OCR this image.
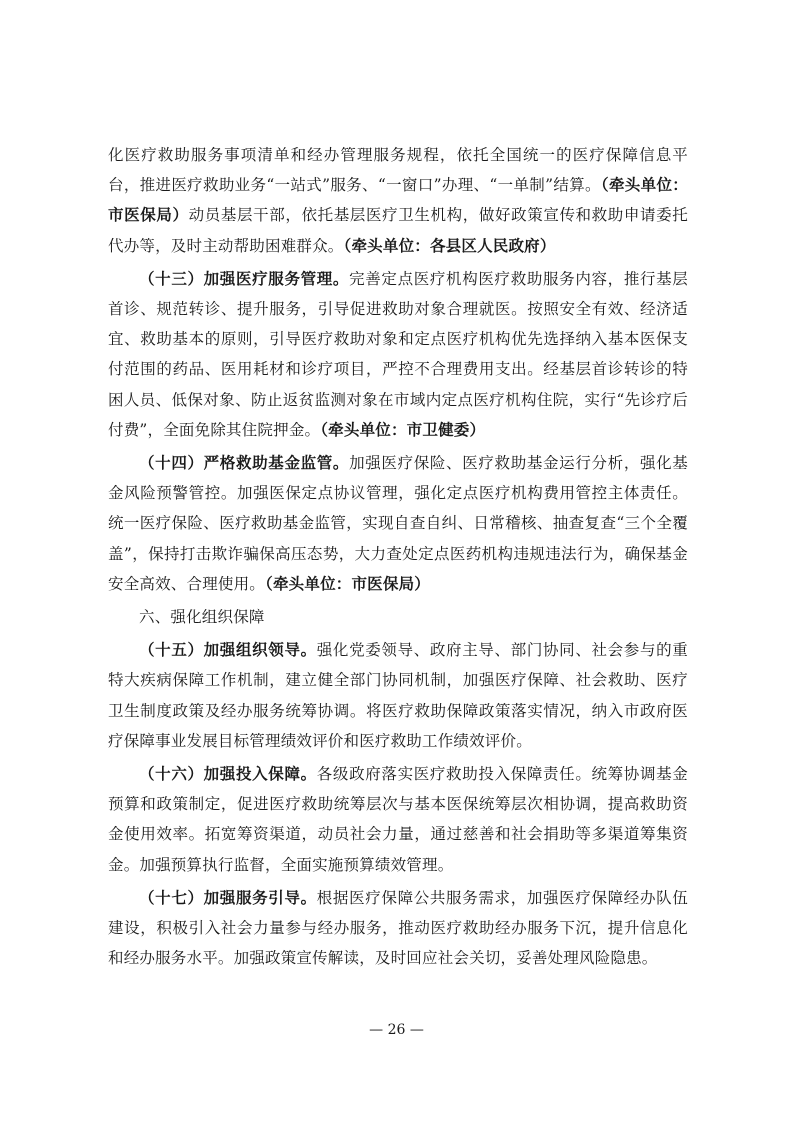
化医疗救助服务事项清单和经办管理服务规程，依托全国统一的医疗保障信息平台，推进医疗救助业务“一站式”服务、“一窗口”办理、“一单制”结算。（牵头单位：市医保局）动员基层干部，依托基层医疗卫生机构，做好政策宣传和救助申请委托代办等，及时主动帮助困难群众。（牵头单位：各县区人民政府）

（十三）加强医疗服务管理。完善定点医疗机构医疗救助服务内容，推行基层首诊、规范转诊、提升服务，引导促进救助对象合理就医。按照安全有效、经济适宜、救助基本的原则，引导医疗救助对象和定点医疗机构优先选择纳入基本医保支付范围的药品、医用耗材和诊疗项目，严控不合理费用支出。经基层首诊转诊的特困人员、低保对象、防止返贫监测对象在市域内定点医疗机构住院，实行“先诊疗后付费”，全面免除其住院押金。（牵头单位：市卫健委）

（十四）严格救助基金监管。加强医疗保险、医疗救助基金运行分析，强化基金风险预警管控。加强医保定点协议管理，强化定点医疗机构费用管控主体责任。统一医疗保险、医疗救助基金监管，实现自查自纠、日常稽核、抽查复查“三个全覆盖”，保持打击欺诈骗保高压态势，大力查处定点医药机构违规违法行为，确保基金安全高效、合理使用。（牵头单位：市医保局）

六、强化组织保障

（十五）加强组织领导。强化党委领导、政府主导、部门协同、社会参与的重特大疾病保障工作机制，建立健全部门协同机制，加强医疗保障、社会救助、医疗卫生制度政策及经办服务统筹协调。将医疗救助保障政策落实情况，纳入市政府医疗保障事业发展目标管理绩效评价和医疗救助工作绩效评价。

（十六）加强投入保障。各级政府落实医疗救助投入保障责任。统筹协调基金预算和政策制定，促进医疗救助统筹层次与基本医保统筹层次相协调，提高救助资金使用效率。拓宽筹资渠道，动员社会力量，通过慈善和社会捐助等多渠道筹集资金。加强预算执行监督，全面实施预算绩效管理。

（十七）加强服务引导。根据医疗保障公共服务需求，加强医疗保障经办队伍建设，积极引入社会力量参与经办服务，推动医疗救助经办服务下沉，提升信息化和经办服务水平。加强政策宣传解读，及时回应社会关切，妥善处理风险隐患。

— 26 —
